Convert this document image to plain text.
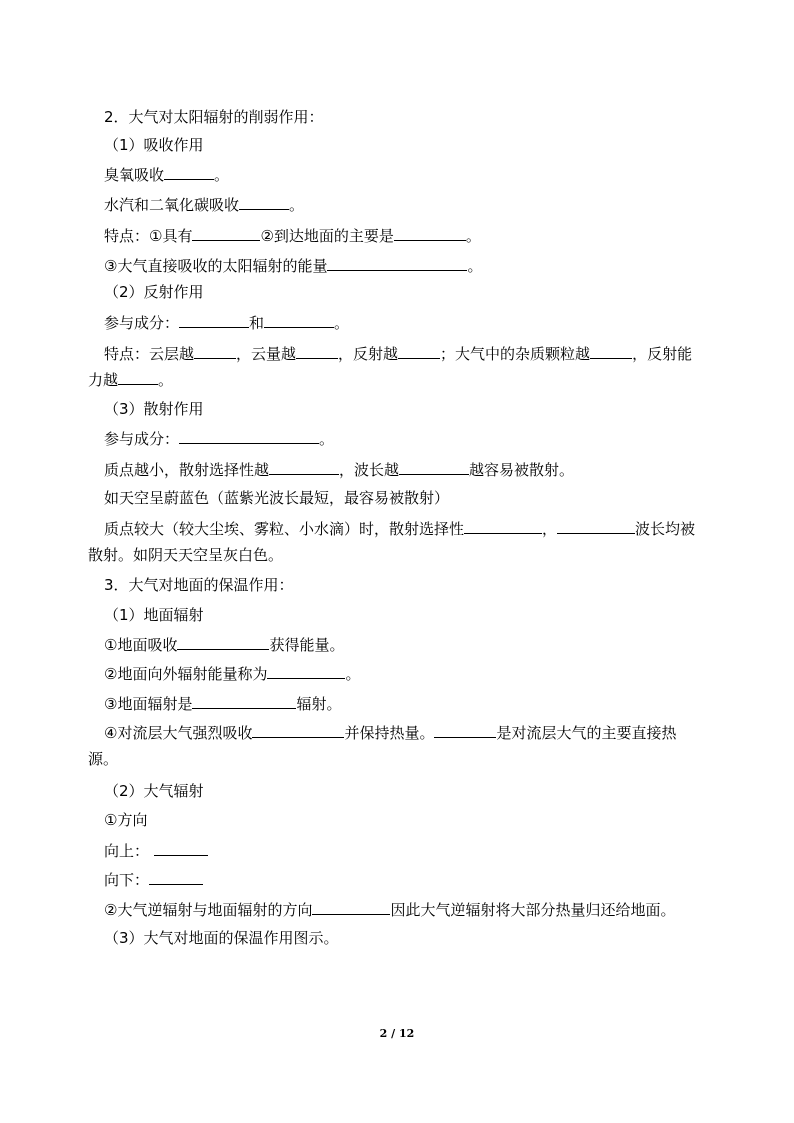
2．大气对太阳辐射的削弱作用：
（1）吸收作用
臭氧吸收	。
水汽和二氧化碳吸收	。
特点：①具有	②到达地面的主要是	。
③大气直接吸收的太阳辐射的能量	。
（2）反射作用
参与成分：	和	。
特点：云层越	，云量越	，反射越	；大气中的杂质颗粒越	，反射能
力越	。
（3）散射作用
参与成分：	。
质点越小，散射选择性越	，波长越	越容易被散射。
如天空呈蔚蓝色（蓝紫光波长最短，最容易被散射）
质点较大（较大尘埃、雾粒、小水滴）时，散射选择性	，	波长均被
散射。如阴天天空呈灰白色。
3．大气对地面的保温作用：
（1）地面辐射
①地面吸收	获得能量。
②地面向外辐射能量称为	。
③地面辐射是	辐射。
④对流层大气强烈吸收	并保持热量。	是对流层大气的主要直接热
源。
（2）大气辐射
①方向
向上：
向下：
②大气逆辐射与地面辐射的方向	因此大气逆辐射将大部分热量归还给地面。
（3）大气对地面的保温作用图示。
2 / 12
